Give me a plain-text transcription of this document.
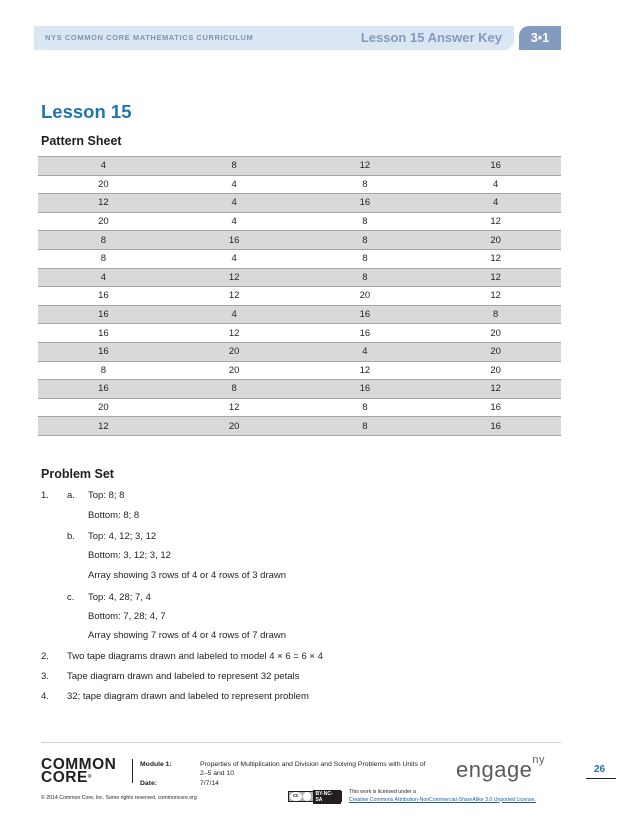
NYS COMMON CORE MATHEMATICS CURRICULUM	Lesson 15 Answer Key	3•1
Lesson 15
Pattern Sheet
4	8	12	16
20	4	8	4
12	4	16	4
20	4	8	12
8	16	8	20
8	4	8	12
4	12	8	12
16	12	20	12
16	4	16	8
16	12	16	20
16	20	4	20
8	20	12	20
16	8	16	12
20	12	8	16
12	20	8	16
Problem Set
1. a. Top: 8; 8
Bottom: 8; 8
b. Top: 4, 12; 3, 12
Bottom: 3, 12; 3, 12
Array showing 3 rows of 4 or 4 rows of 3 drawn
c. Top: 4, 28; 7, 4
Bottom: 7, 28; 4, 7
Array showing 7 rows of 4 or 4 rows of 7 drawn
2. Two tape diagrams drawn and labeled to model 4 × 6 = 6 × 4
3. Tape diagram drawn and labeled to represent 32 petals
4. 32; tape diagram drawn and labeled to represent problem
COMMON
CORE®
Module 1:	Properties of Multiplication and Division and Solving Problems with Units of 2–5 and 10
Date:	7/7/14
engage$^{ny}$
26
© 2014 Common Core, Inc. Some rights reserved. commoncore.org	cc	BY-NC-SA
This work is licensed under a
Creative Commons Attribution-NonCommercial-ShareAlike 3.0 Unported License.
